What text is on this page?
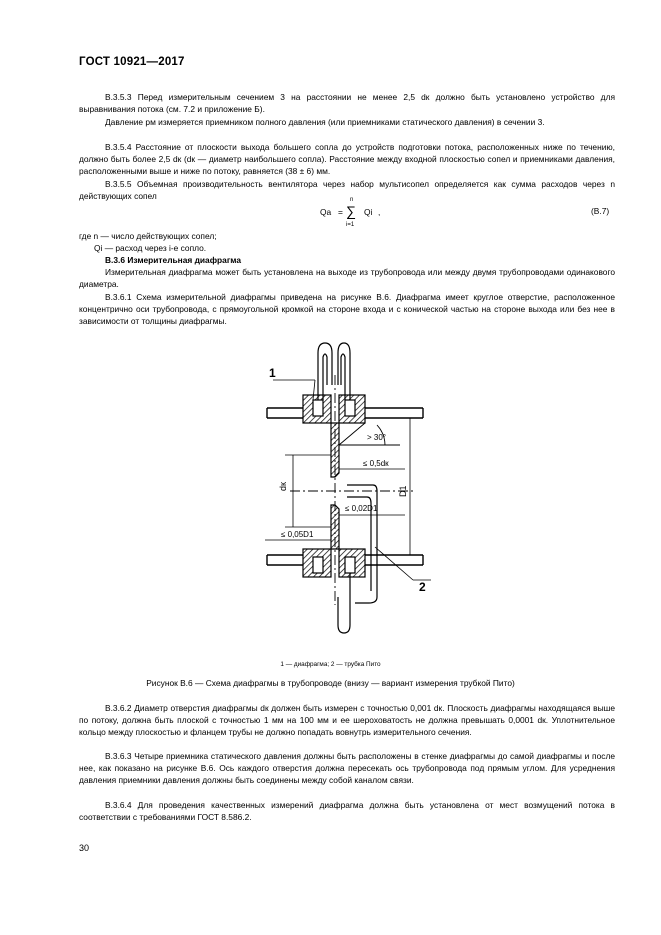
ГОСТ 10921—2017
В.3.5.3 Перед измерительным сечением 3 на расстоянии не менее 2,5 dк должно быть установлено устройство для выравнивания потока (см. 7.2 и приложение Б).
Давление pм измеряется приемником полного давления (или приемниками статического давления) в сечении 3.
В.3.5.4 Расстояние от плоскости выхода большего сопла до устройств подготовки потока, расположенных ниже по течению, должно быть более 2,5 dк (dк — диаметр наибольшего сопла). Расстояние между входной плоскостью сопел и приемниками давления, расположенными выше и ниже по потоку, равняется (38 ± 6) мм.
В.3.5.5 Объемная производительность вентилятора через набор мультисопел определяется как сумма расходов через n действующих сопел
Qa =
n
∑
i=1
Qi ,	(В.7)
где n — число действующих сопел;
Qi — расход через i-е сопло.
В.3.6 Измерительная диафрагма
Измерительная диафрагма может быть установлена на выходе из трубопровода или между двумя трубопроводами одинакового диаметра.
В.3.6.1 Схема измерительной диафрагмы приведена на рисунке В.6. Диафрагма имеет круглое отверстие, расположенное концентрично оси трубопровода, с прямоугольной кромкой на стороне входа и с конической частью на стороне выхода или без нее в зависимости от толщины диафрагмы.
1
2
> 30°
≤ 0,5dк
≤ 0,02D1
≤ 0,05D1
dк	D1
1 — диафрагма; 2 — трубка Пито
Рисунок В.6 — Схема диафрагмы в трубопроводе (внизу — вариант измерения трубкой Пито)
В.3.6.2 Диаметр отверстия диафрагмы dк должен быть измерен с точностью 0,001 dк. Плоскость диафрагмы находящаяся выше по потоку, должна быть плоской с точностью 1 мм на 100 мм и ее шероховатость не должна превышать 0,0001 dк. Уплотнительное кольцо между плоскостью и фланцем трубы не должно попадать вовнутрь измерительного сечения.
В.3.6.3 Четыре приемника статического давления должны быть расположены в стенке диафрагмы до самой диафрагмы и после нее, как показано на рисунке В.6. Ось каждого отверстия должна пересекать ось трубопровода под прямым углом. Для усреднения давления приемники давления должны быть соединены между собой каналом связи.
В.3.6.4 Для проведения качественных измерений диафрагма должна быть установлена от мест возмущений потока в соответствии с требованиями ГОСТ 8.586.2.
30
